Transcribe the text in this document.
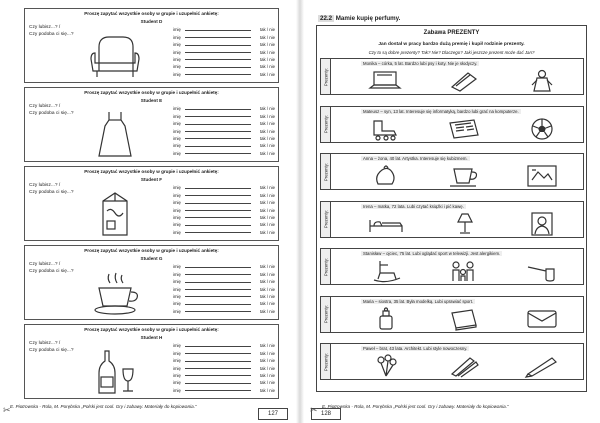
Proszę zapytać wszystkie osoby w grupie i uzupełnić ankietę:
Student D
Czy lubisz...? /
Czy podoba ci się...?
imię	tak / nie
imię	tak / nie
imię	tak / nie
imię	tak / nie
imię	tak / nie
imię	tak / nie
imię	tak / nie
Proszę zapytać wszystkie osoby w grupie i uzupełnić ankietę:
Student E
Czy lubisz...? /
Czy podoba ci się...?
imię	tak / nie
imię	tak / nie
imię	tak / nie
imię	tak / nie
imię	tak / nie
imię	tak / nie
imię	tak / nie
Proszę zapytać wszystkie osoby w grupie i uzupełnić ankietę:
Student F
Czy lubisz...? /
Czy podoba ci się...?
imię	tak / nie
imię	tak / nie
imię	tak / nie
imię	tak / nie
imię	tak / nie
imię	tak / nie
imię	tak / nie
Proszę zapytać wszystkie osoby w grupie i uzupełnić ankietę:
Student G
Czy lubisz...? /
Czy podoba ci się...?
imię	tak / nie
imię	tak / nie
imię	tak / nie
imię	tak / nie
imię	tak / nie
imię	tak / nie
imię	tak / nie
Proszę zapytać wszystkie osoby w grupie i uzupełnić ankietę:
Student H
Czy lubisz...? /
Czy podoba ci się...?
imię	tak / nie
imię	tak / nie
imię	tak / nie
imię	tak / nie
imię	tak / nie
imię	tak / nie
imię	tak / nie
22.2 Mamie kupię perfumy.
Zabawa PREZENTY
Jan dostał w pracy bardzo dużą premię i kupił rodzinie prezenty.
Czy to są dobre prezenty? Tak? Nie? Dlaczego? Jaki jeszcze prezent może dać Jan?
Prezenty:
Monika – córka, 5 lat. Bardzo lubi psy i koty. Nie je słodyczy.
Prezenty:
Mateusz – syn, 13 lat. Interesuje się informatyką, bardzo lubi grać na komputerze.
Prezenty:
Anna – żona, 40 lat. Artystka. Interesuje się kubizmem.
Prezenty:
Irena – matka, 72 lata. Lubi czytać książki i pić kawę.
Prezenty:
Stanisław – ojciec, 75 lat. Lubi oglądać sport w telewizji. Jest alergikiem.
Prezenty:
Maria – siostra, 35 lat. Była modelką. Lubi uprawiać sport.
Prezenty:
Paweł – brat, 43 lata. Architekt. Lubi style nowoczesny.
✂ E. Piotrowska - Rola, M. Porębska „Polski jest cool. Gry i zabawy. Materiały do kopiowania.”
127	128
✂ E. Piotrowska - Rola, M. Porębska „Polski jest cool. Gry i zabawy. Materiały do kopiowania.”
